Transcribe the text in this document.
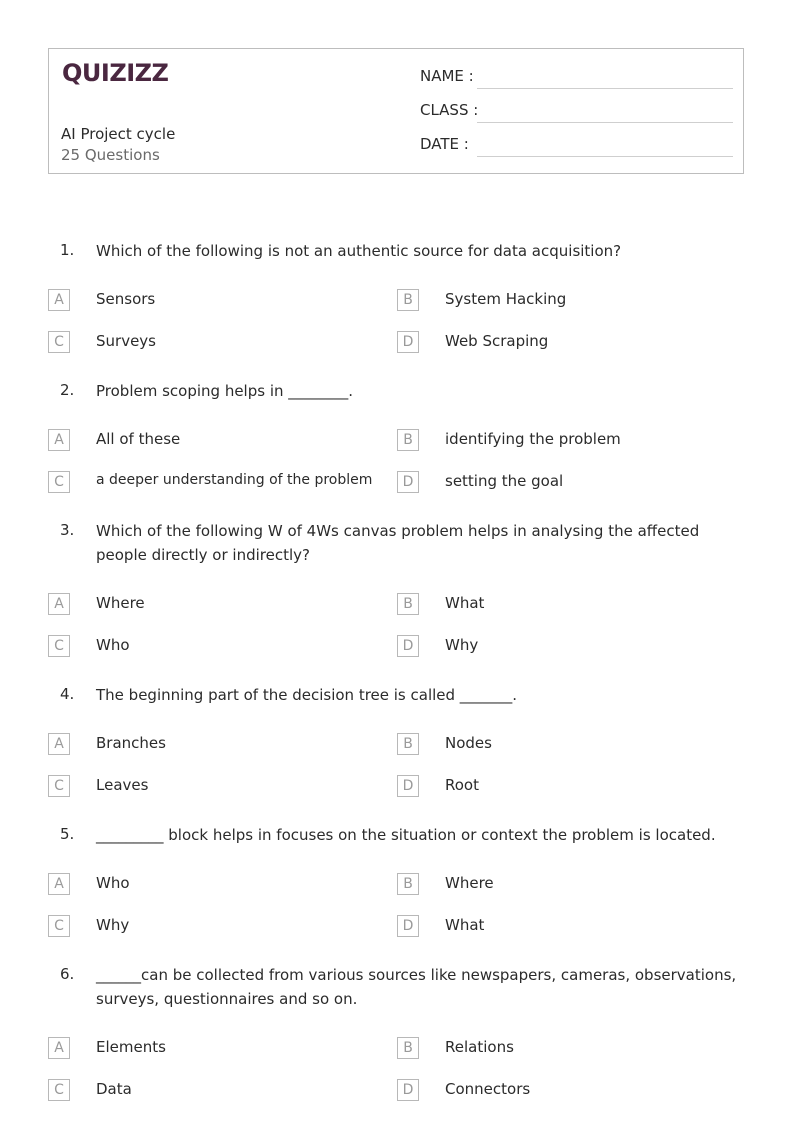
QUIZIZZ
AI Project cycle
25 Questions
NAME :
CLASS :
DATE :
1. Which of the following is not an authentic source for data acquisition?
A	Sensors	B	System Hacking
C	Surveys	D	Web Scraping
2. Problem scoping helps in ________.
A	All of these	B	identifying the problem
C	a deeper understanding of the problem	D	setting the goal
3. Which of the following W of 4Ws canvas problem helps in analysing the affected people directly or indirectly?
A	Where	B	What
C	Who	D	Why
4. The beginning part of the decision tree is called _______.
A	Branches	B	Nodes
C	Leaves	D	Root
5. _________ block helps in focuses on the situation or context the problem is located.
A	Who	B	Where
C	Why	D	What
6. ______can be collected from various sources like newspapers, cameras, observations, surveys, questionnaires and so on.
A	Elements	B	Relations
C	Data	D	Connectors
